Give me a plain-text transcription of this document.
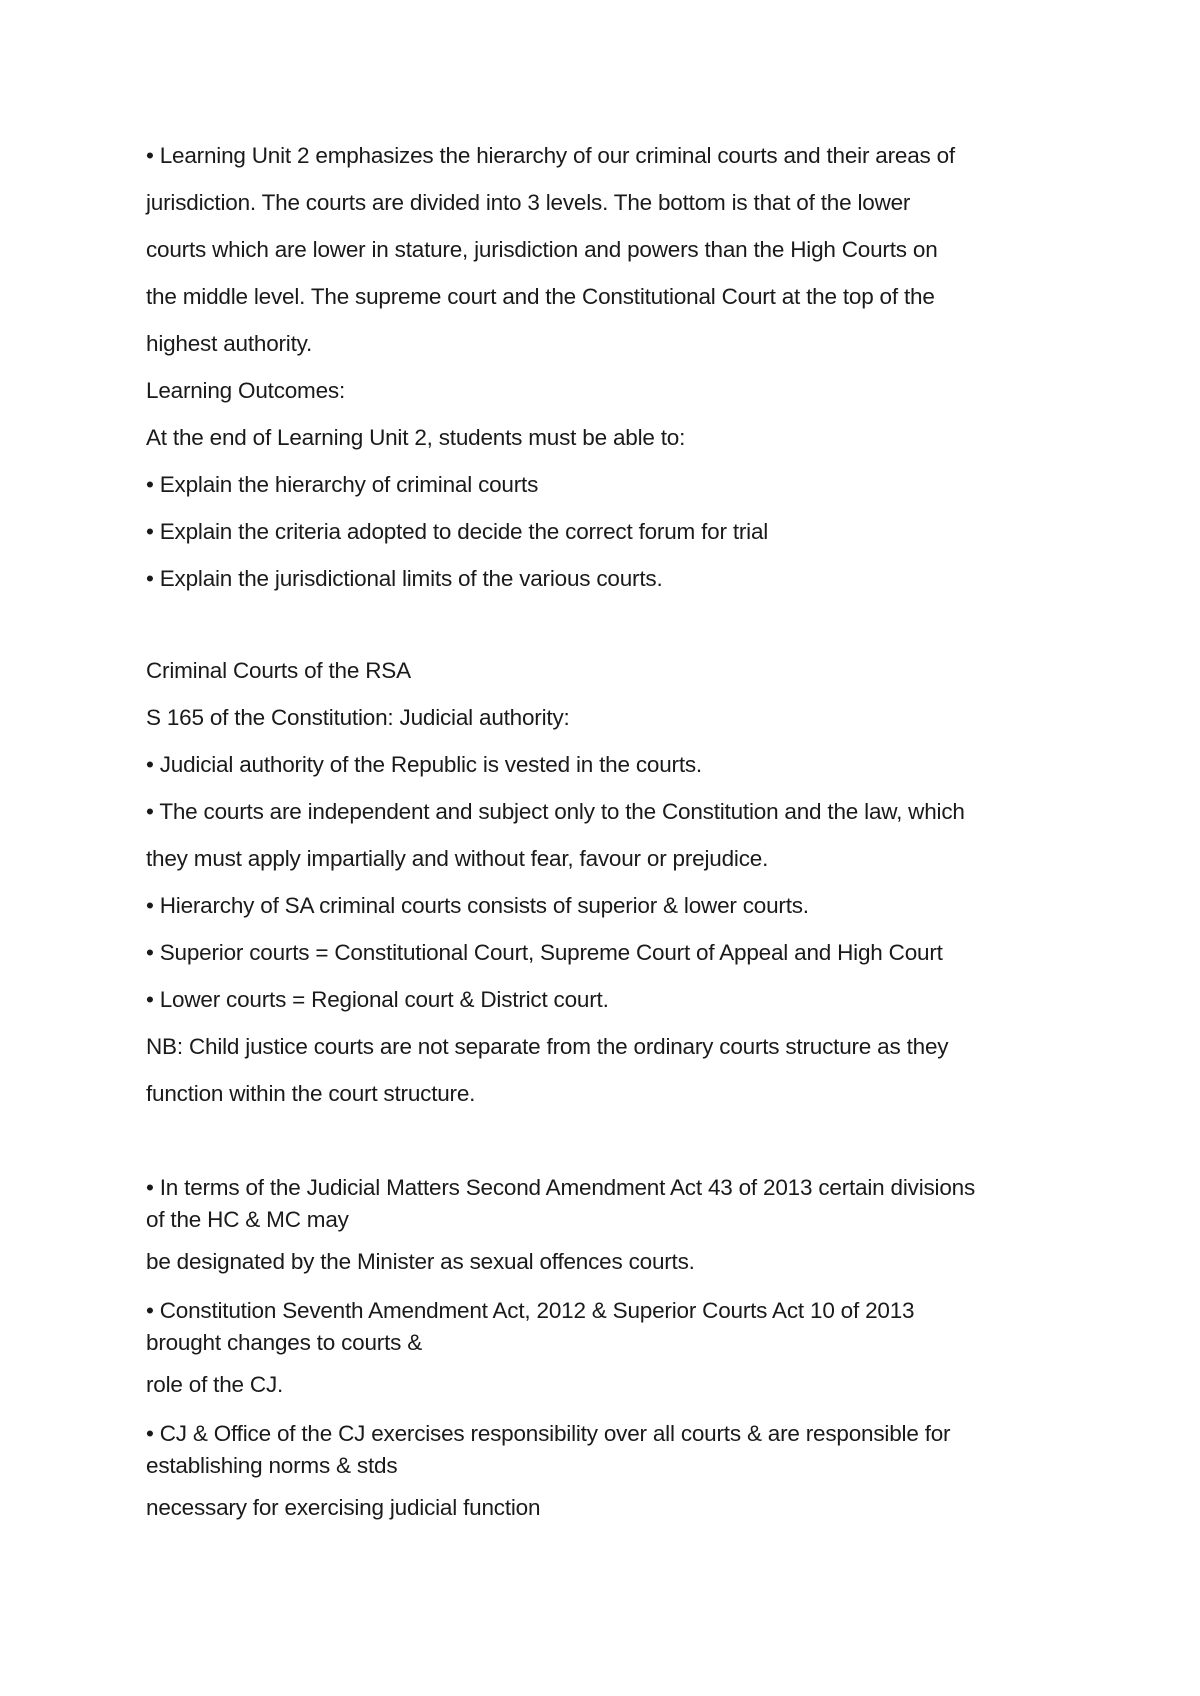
• Learning Unit 2 emphasizes the hierarchy of our criminal courts and their areas of
jurisdiction. The courts are divided into 3 levels. The bottom is that of the lower
courts which are lower in stature, jurisdiction and powers than the High Courts on
the middle level. The supreme court and the Constitutional Court at the top of the
highest authority.
Learning Outcomes:
At the end of Learning Unit 2, students must be able to:
• Explain the hierarchy of criminal courts
• Explain the criteria adopted to decide the correct forum for trial
• Explain the jurisdictional limits of the various courts.
Criminal Courts of the RSA
S 165 of the Constitution: Judicial authority:
• Judicial authority of the Republic is vested in the courts.
• The courts are independent and subject only to the Constitution and the law, which
they must apply impartially and without fear, favour or prejudice.
• Hierarchy of SA criminal courts consists of superior & lower courts.
• Superior courts = Constitutional Court, Supreme Court of Appeal and High Court
• Lower courts = Regional court & District court.
NB: Child justice courts are not separate from the ordinary courts structure as they
function within the court structure.
• In terms of the Judicial Matters Second Amendment Act 43 of 2013 certain divisions
of the HC & MC may
be designated by the Minister as sexual offences courts.
• Constitution Seventh Amendment Act, 2012 & Superior Courts Act 10 of 2013
brought changes to courts &
role of the CJ.
• CJ & Office of the CJ exercises responsibility over all courts & are responsible for
establishing norms & stds
necessary for exercising judicial function
